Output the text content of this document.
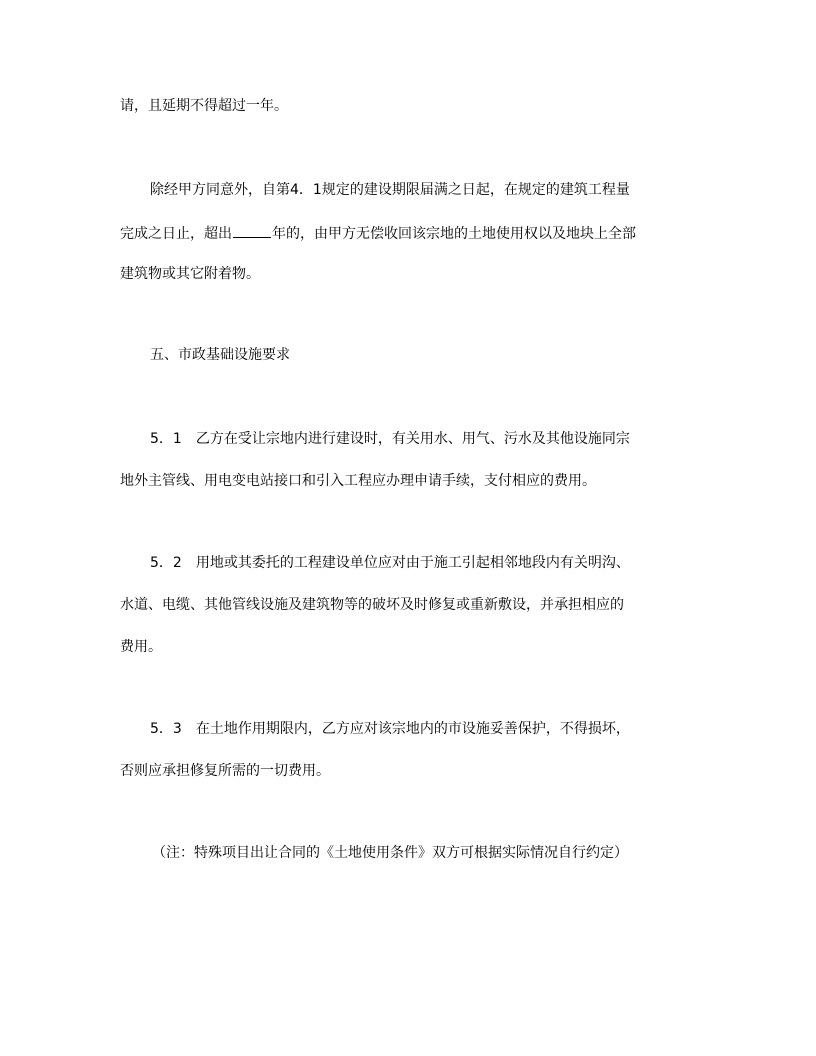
请，且延期不得超过一年。
除经甲方同意外，自第4．1规定的建设期限届满之日起，在规定的建筑工程量
完成之日止，超出	年的，由甲方无偿收回该宗地的土地使用权以及地块上全部
建筑物或其它附着物。
五、市政基础设施要求
5．1　乙方在受让宗地内进行建设时，有关用水、用气、污水及其他设施同宗
地外主管线、用电变电站接口和引入工程应办理申请手续，支付相应的费用。
5．2　用地或其委托的工程建设单位应对由于施工引起相邻地段内有关明沟、
水道、电缆、其他管线设施及建筑物等的破坏及时修复或重新敷设，并承担相应的
费用。
5．3　在土地作用期限内，乙方应对该宗地内的市设施妥善保护，不得损坏，
否则应承担修复所需的一切费用。
（注：特殊项目出让合同的《土地使用条件》双方可根据实际情况自行约定）
